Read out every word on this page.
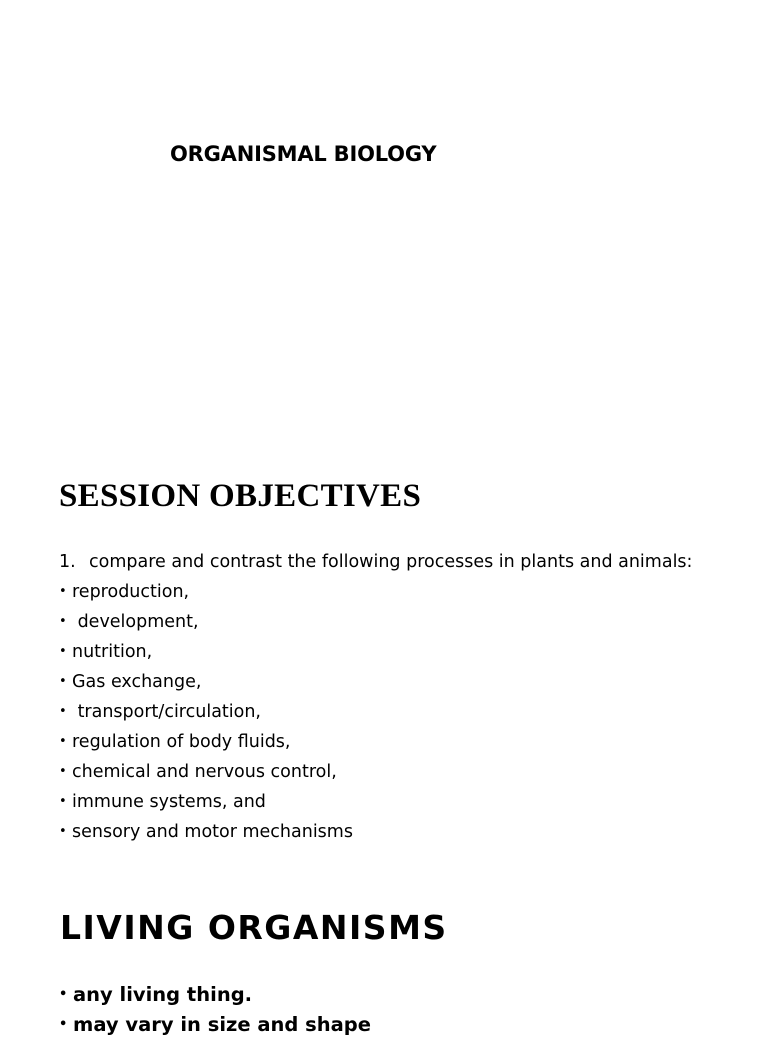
ORGANISMAL BIOLOGY
SESSION OBJECTIVES
1. compare and contrast the following processes in plants and animals:
• reproduction,
• development,
• nutrition,
• Gas exchange,
• transport/circulation,
• regulation of body fluids,
• chemical and nervous control,
• immune systems, and
• sensory and motor mechanisms
LIVING ORGANISMS
• any living thing.
• may vary in size and shape
